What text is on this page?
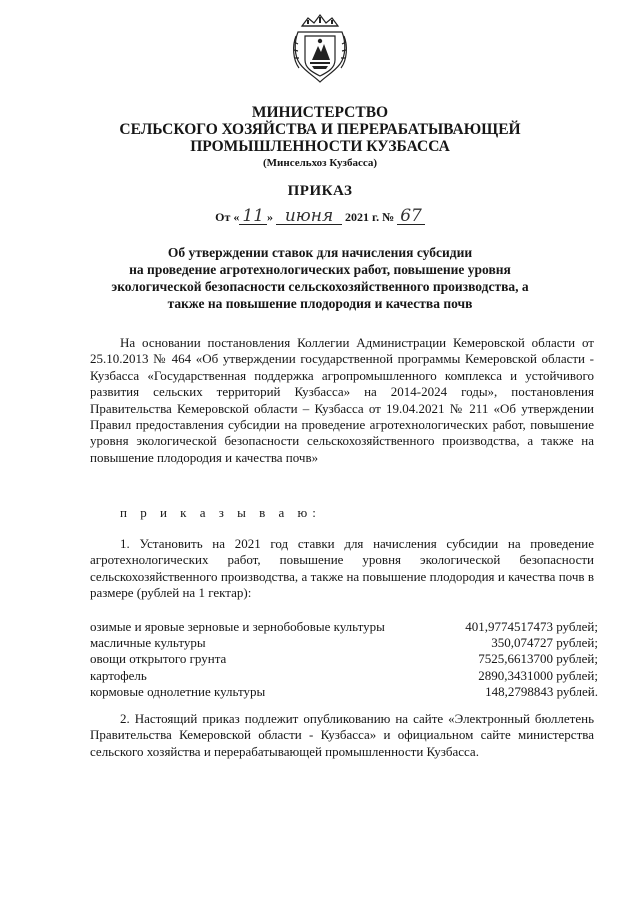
МИНИСТЕРСТВО
СЕЛЬСКОГО ХОЗЯЙСТВА И ПЕРЕРАБАТЫВАЮЩЕЙ
ПРОМЫШЛЕННОСТИ КУЗБАССА
(Минсельхоз Кузбасса)
ПРИКАЗ
От « 11 » июня 2021 г. № 67
Об утверждении ставок для начисления субсидии
на проведение агротехнологических работ, повышение уровня
экологической безопасности сельскохозяйственного производства, а
также на повышение плодородия и качества почв

На основании постановления Коллегии Администрации Кемеровской области от 25.10.2013 № 464 «Об утверждении государственной программы Кемеровской области - Кузбасса «Государственная поддержка агропромышленного комплекса и устойчивого развития сельских территорий Кузбасса» на 2014-2024 годы», постановления Правительства Кемеровской области – Кузбасса от 19.04.2021 № 211 «Об утверждении Правил предоставления субсидии на проведение агротехнологических работ, повышение уровня экологической безопасности сельскохозяйственного производства, а также на повышение плодородия и качества почв»

п р и к а з ы в а ю:

1. Установить на 2021 год ставки для начисления субсидии на проведение агротехнологических работ, повышение уровня экологической безопасности сельскохозяйственного производства, а также на повышение плодородия и качества почв в размере (рублей на 1 гектар):

озимые и яровые зерновые и зернобобовые культуры	401,9774517473 рублей;
масличные культуры	350,074727 рублей;
овощи открытого грунта	7525,6613700 рублей;
картофель	2890,3431000 рублей;
кормовые однолетние культуры	148,2798843 рублей.

2. Настоящий приказ подлежит опубликованию на сайте «Электронный бюллетень Правительства Кемеровской области - Кузбасса» и официальном сайте министерства сельского хозяйства и перерабатывающей промышленности Кузбасса.
